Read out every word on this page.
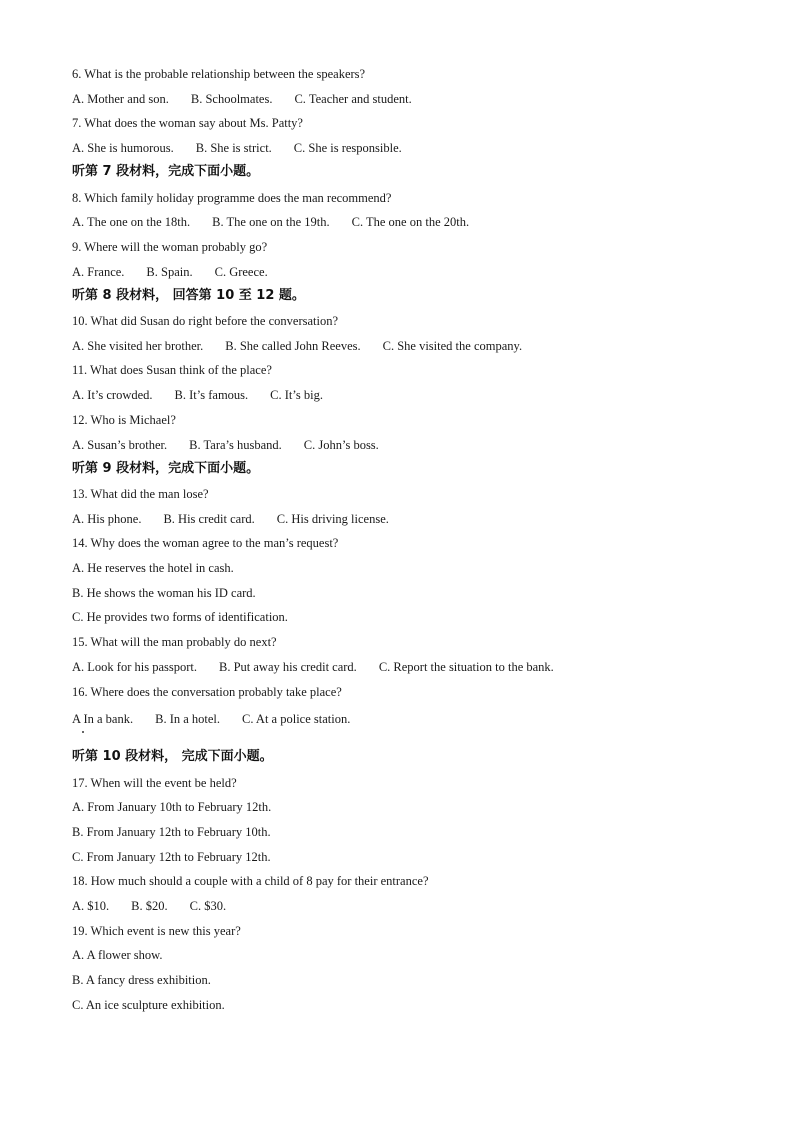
6. What is the probable relationship between the speakers?
A. Mother and son. B. Schoolmates. C. Teacher and student.
7. What does the woman say about Ms. Patty?
A. She is humorous. B. She is strict. C. She is responsible.
听第 7 段材料，完成下面小题。
8. Which family holiday programme does the man recommend?
A. The one on the 18th. B. The one on the 19th. C. The one on the 20th.
9. Where will the woman probably go?
A. France. B. Spain. C. Greece.
听第 8 段材料， 回答第 10 至 12 题。
10. What did Susan do right before the conversation?
A. She visited her brother. B. She called John Reeves. C. She visited the company.
11. What does Susan think of the place?
A. It’s crowded. B. It’s famous. C. It’s big.
12. Who is Michael?
A. Susan’s brother. B. Tara’s husband. C. John’s boss.
听第 9 段材料，完成下面小题。
13. What did the man lose?
A. His phone. B. His credit card. C. His driving license.
14. Why does the woman agree to the man’s request?
A. He reserves the hotel in cash.
B. He shows the woman his ID card.
C. He provides two forms of identification.
15. What will the man probably do next?
A. Look for his passport. B. Put away his credit card. C. Report the situation to the bank.
16. Where does the conversation probably take place?
A In a bank. B. In a hotel. C. At a police station.
听第 10 段材料， 完成下面小题。
17. When will the event be held?
A. From January 10th to February 12th.
B. From January 12th to February 10th.
C. From January 12th to February 12th.
18. How much should a couple with a child of 8 pay for their entrance?
A. $10. B. $20. C. $30.
19. Which event is new this year?
A. A flower show.
B. A fancy dress exhibition.
C. An ice sculpture exhibition.
